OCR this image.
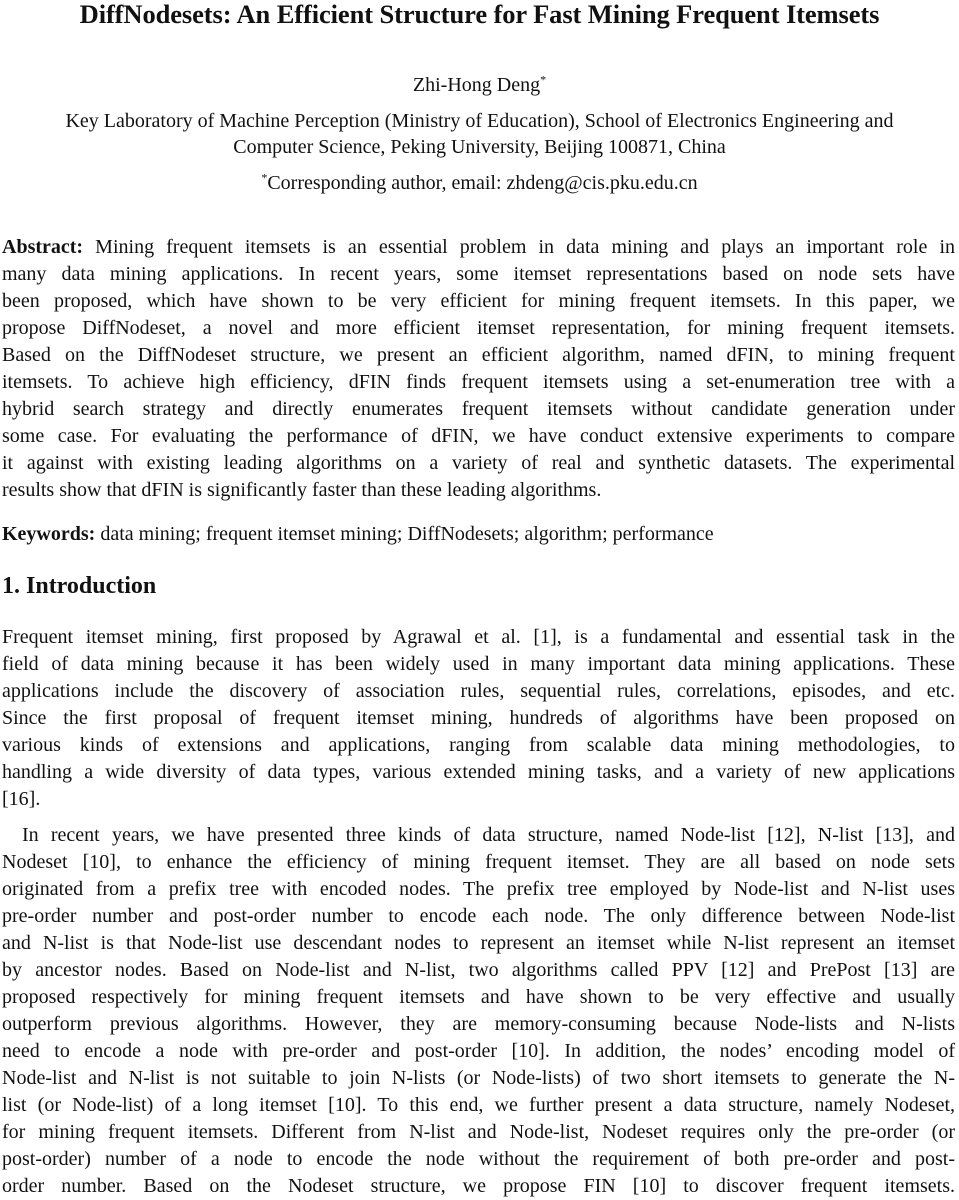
DiffNodesets: An Efficient Structure for Fast Mining Frequent Itemsets
Zhi-Hong Deng*
Key Laboratory of Machine Perception (Ministry of Education), School of Electronics Engineering and
Computer Science, Peking University, Beijing 100871, China
*Corresponding author, email: zhdeng@cis.pku.edu.cn
Abstract: Mining frequent itemsets is an essential problem in data mining and plays an important role in
many data mining applications. In recent years, some itemset representations based on node sets have
been proposed, which have shown to be very efficient for mining frequent itemsets. In this paper, we
propose DiffNodeset, a novel and more efficient itemset representation, for mining frequent itemsets.
Based on the DiffNodeset structure, we present an efficient algorithm, named dFIN, to mining frequent
itemsets. To achieve high efficiency, dFIN finds frequent itemsets using a set-enumeration tree with a
hybrid search strategy and directly enumerates frequent itemsets without candidate generation under
some case. For evaluating the performance of dFIN, we have conduct extensive experiments to compare
it against with existing leading algorithms on a variety of real and synthetic datasets. The experimental
results show that dFIN is significantly faster than these leading algorithms.
Keywords: data mining; frequent itemset mining; DiffNodesets; algorithm; performance
1. Introduction
Frequent itemset mining, first proposed by Agrawal et al. [1], is a fundamental and essential task in the
field of data mining because it has been widely used in many important data mining applications. These
applications include the discovery of association rules, sequential rules, correlations, episodes, and etc.
Since the first proposal of frequent itemset mining, hundreds of algorithms have been proposed on
various kinds of extensions and applications, ranging from scalable data mining methodologies, to
handling a wide diversity of data types, various extended mining tasks, and a variety of new applications
[16].
In recent years, we have presented three kinds of data structure, named Node-list [12], N-list [13], and
Nodeset [10], to enhance the efficiency of mining frequent itemset. They are all based on node sets
originated from a prefix tree with encoded nodes. The prefix tree employed by Node-list and N-list uses
pre-order number and post-order number to encode each node. The only difference between Node-list
and N-list is that Node-list use descendant nodes to represent an itemset while N-list represent an itemset
by ancestor nodes. Based on Node-list and N-list, two algorithms called PPV [12] and PrePost [13] are
proposed respectively for mining frequent itemsets and have shown to be very effective and usually
outperform previous algorithms. However, they are memory-consuming because Node-lists and N-lists
need to encode a node with pre-order and post-order [10]. In addition, the nodes’ encoding model of
Node-list and N-list is not suitable to join N-lists (or Node-lists) of two short itemsets to generate the N-
list (or Node-list) of a long itemset [10]. To this end, we further present a data structure, namely Nodeset,
for mining frequent itemsets. Different from N-list and Node-list, Nodeset requires only the pre-order (or
post-order) number of a node to encode the node without the requirement of both pre-order and post-
order number. Based on the Nodeset structure, we propose FIN [10] to discover frequent itemsets.
